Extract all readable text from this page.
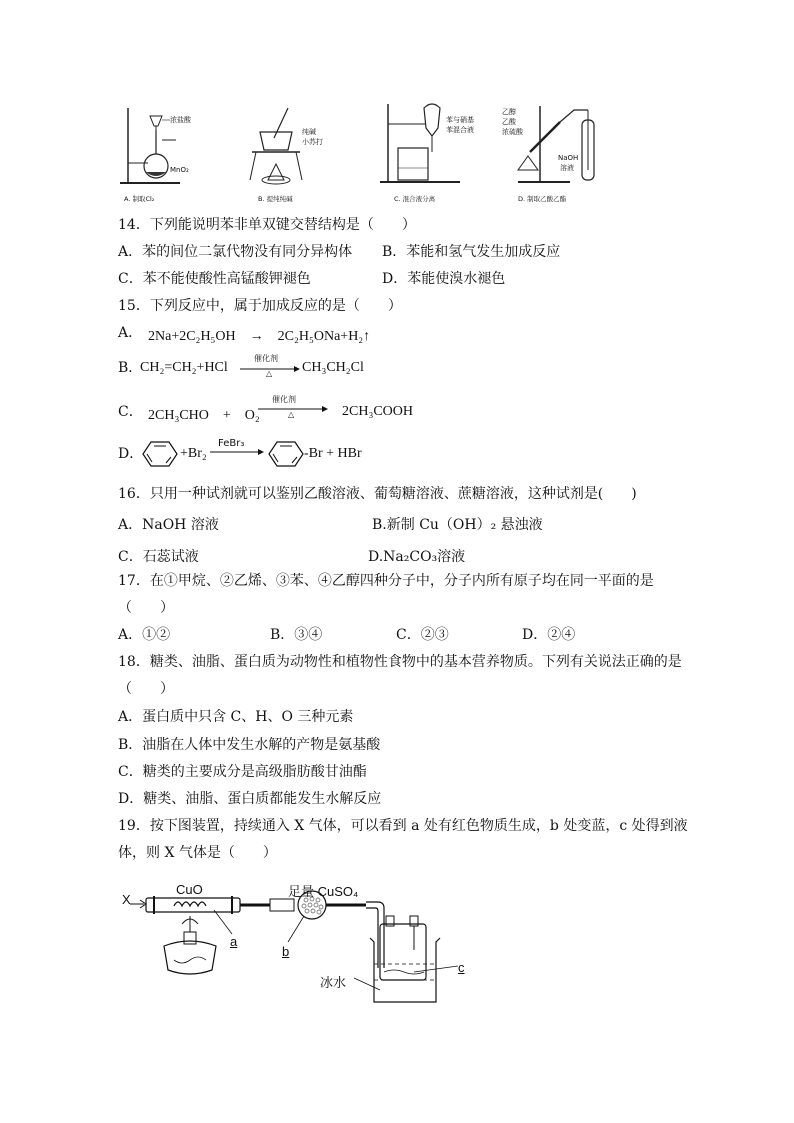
浓盐酸
MnO₂
A. 制取Cl₂
纯碱
小苏打
B. 提纯纯碱
苯与硝基
苯混合液
C. 混合液分离
乙醇
乙酸
浓硫酸
NaOH
溶液
D. 制取乙酸乙酯
14．下列能说明苯非单双键交替结构是（　　）
A．苯的间位二氯代物没有同分异构体 B．苯能和氢气发生加成反应
C．苯不能使酸性高锰酸钾褪色	D．苯能使溴水褪色
15．下列反应中，属于加成反应的是（　　）
A． 2Na+2C₂H₅OH　→　2C₂H₅ONa+H₂↑
B．
CH₂=CH₂+HCl
催化剂
△ CH₃CH₂Cl
C． 2CH₃CHO　+　O₂
催化剂
△	2CH₃COOH
D．	+Br₂
FeBr₃
-Br + HBr
16．只用一种试剂就可以鉴别乙酸溶液、葡萄糖溶液、蔗糖溶液，这种试剂是(　　)
A．NaOH 溶液	B.新制 Cu（OH）₂ 悬浊液
C．石蕊试液	D.Na₂CO₃溶液
17．在①甲烷、②乙烯、③苯、④乙醇四种分子中，分子内所有原子均在同一平面的是
（　　）
A．①②	B．③④	C．②③	D．②④
18．糖类、油脂、蛋白质为动物性和植物性食物中的基本营养物质。下列有关说法正确的是
（　　）
A．蛋白质中只含 C、H、O 三种元素
B．油脂在人体中发生水解的产物是氨基酸
C．糖类的主要成分是高级脂肪酸甘油酯
D．糖类、油脂、蛋白质都能发生水解反应
19．按下图装置，持续通入 X 气体，可以看到 a 处有红色物质生成，b 处变蓝，c 处得到液
体，则 X 气体是（　　）
X
CuO	足量 CuSO₄
a
b
c
冰水
